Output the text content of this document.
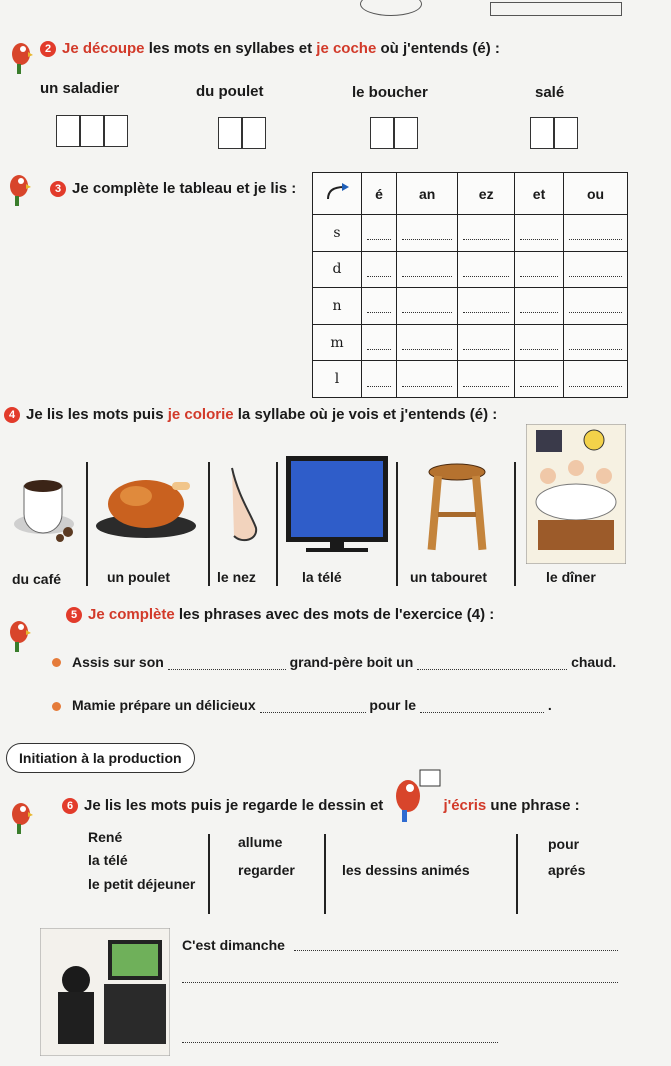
2 Je découpe les mots en syllabes et je coche où j'entends (é) :
un saladier	du poulet	le boucher	salé
3 Je complète le tableau et je lis :
		é	an	ez	et	ou
s	

d	

n	

m	

l	

4 Je lis les mots puis je colorie la syllabe où je vois et j'entends (é) :
du café	un poulet	le nez	la télé	un tabouret	le dîner
5 Je complète les phrases avec des mots de l'exercice (4) :
Assis sur son	grand-père boit un	chaud.
Mamie prépare un délicieux	pour le	.
Initiation à la production
6 Je lis les mots puis je regarde le dessin et	j'écris une phrase :
René
la télé
le petit déjeuner
allume
regarder	les dessins animés
pour
aprés
C'est dimanche
